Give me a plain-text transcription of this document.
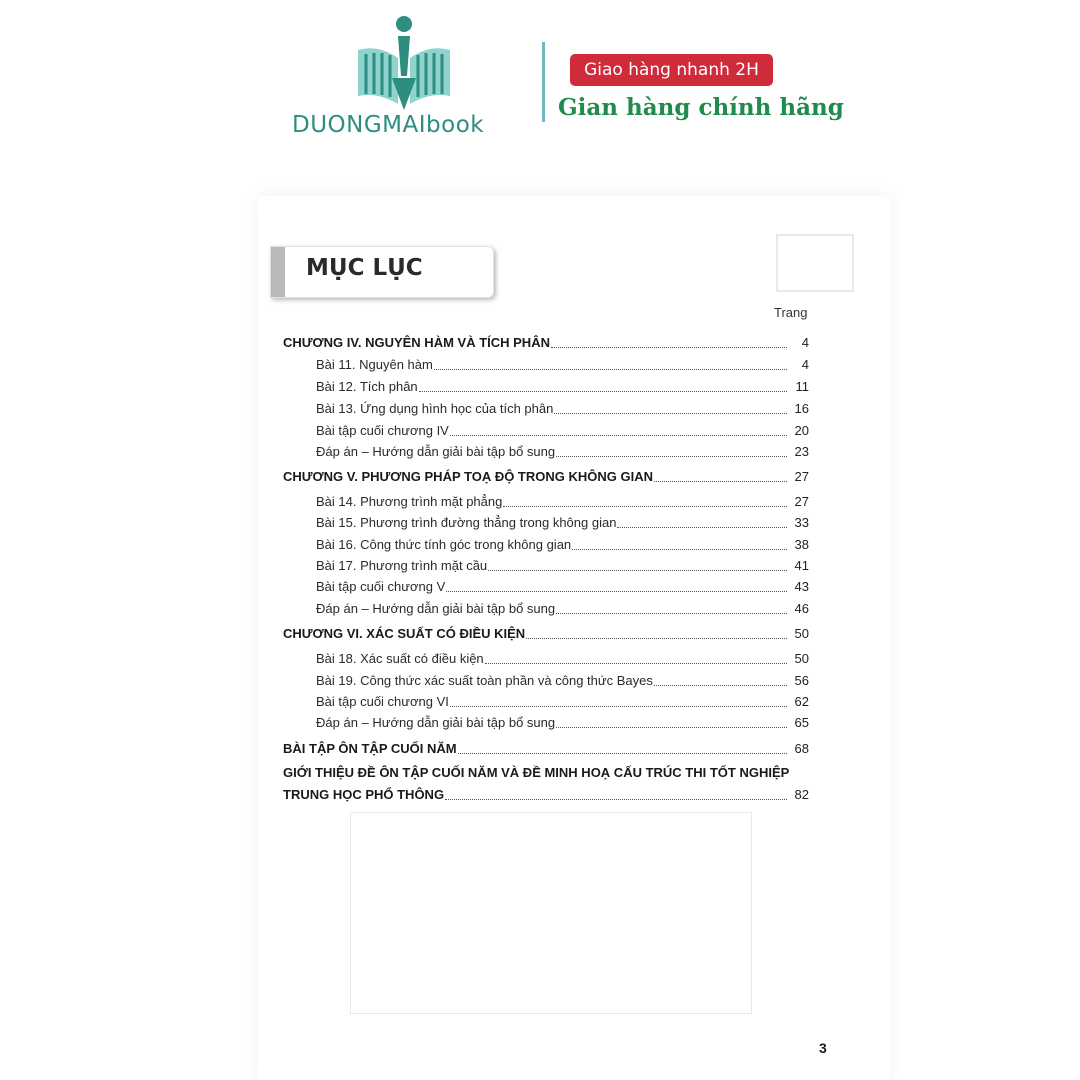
DUONGMAIbook
Giao hàng nhanh 2H
Gian hàng chính hãng
MỤC LỤC
Trang
CHƯƠNG IV. NGUYÊN HÀM VÀ TÍCH PHÂN	4
Bài 11. Nguyên hàm	4
Bài 12. Tích phân	11
Bài 13. Ứng dụng hình học của tích phân	16
Bài tập cuối chương IV	20
Đáp án – Hướng dẫn giải bài tập bổ sung	23
CHƯƠNG V. PHƯƠNG PHÁP TOẠ ĐỘ TRONG KHÔNG GIAN	27
Bài 14. Phương trình mặt phẳng	27
Bài 15. Phương trình đường thẳng trong không gian	33
Bài 16. Công thức tính góc trong không gian	38
Bài 17. Phương trình mặt cầu	41
Bài tập cuối chương V	43
Đáp án – Hướng dẫn giải bài tập bổ sung	46
CHƯƠNG VI. XÁC SUẤT CÓ ĐIỀU KIỆN	50
Bài 18. Xác suất có điều kiện	50
Bài 19. Công thức xác suất toàn phần và công thức Bayes	56
Bài tập cuối chương VI	62
Đáp án – Hướng dẫn giải bài tập bổ sung	65
BÀI TẬP ÔN TẬP CUỐI NĂM	68
GIỚI THIỆU ĐỀ ÔN TẬP CUỐI NĂM VÀ ĐỀ MINH HOẠ CẤU TRÚC THI TỐT NGHIỆP
TRUNG HỌC PHỔ THÔNG	82
3
